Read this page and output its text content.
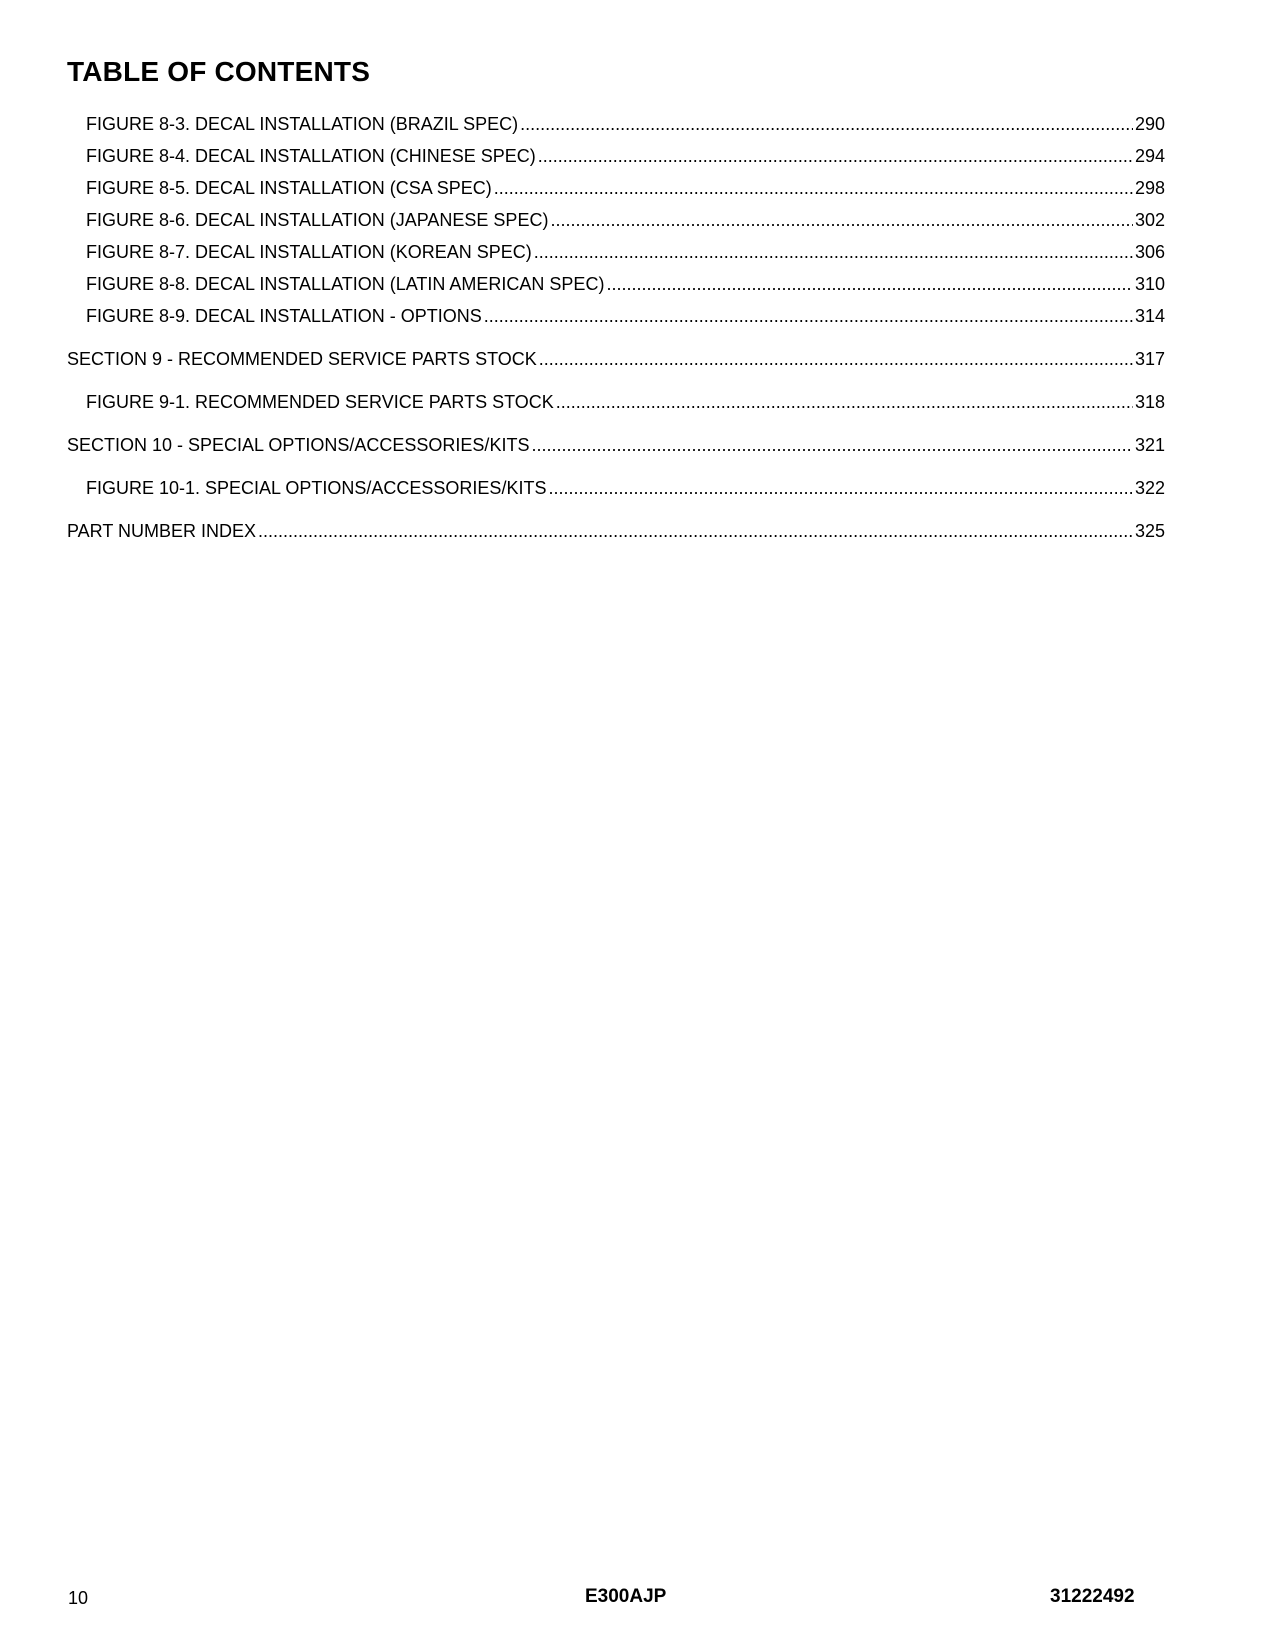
TABLE OF CONTENTS
FIGURE 8-3. DECAL INSTALLATION (BRAZIL SPEC) .....	290
FIGURE 8-4. DECAL INSTALLATION (CHINESE SPEC) .....	294
FIGURE 8-5. DECAL INSTALLATION (CSA SPEC) .....	298
FIGURE 8-6. DECAL INSTALLATION (JAPANESE SPEC) .....	302
FIGURE 8-7. DECAL INSTALLATION (KOREAN SPEC) .....	306
FIGURE 8-8. DECAL INSTALLATION (LATIN AMERICAN SPEC) .....	310
FIGURE 8-9. DECAL INSTALLATION - OPTIONS .....	314
SECTION 9 - RECOMMENDED SERVICE PARTS STOCK .....	317
FIGURE 9-1. RECOMMENDED SERVICE PARTS STOCK .....	318
SECTION 10 - SPECIAL OPTIONS/ACCESSORIES/KITS .....	321
FIGURE 10-1. SPECIAL OPTIONS/ACCESSORIES/KITS .....	322
PART NUMBER INDEX .....	325
10	E300AJP	31222492
